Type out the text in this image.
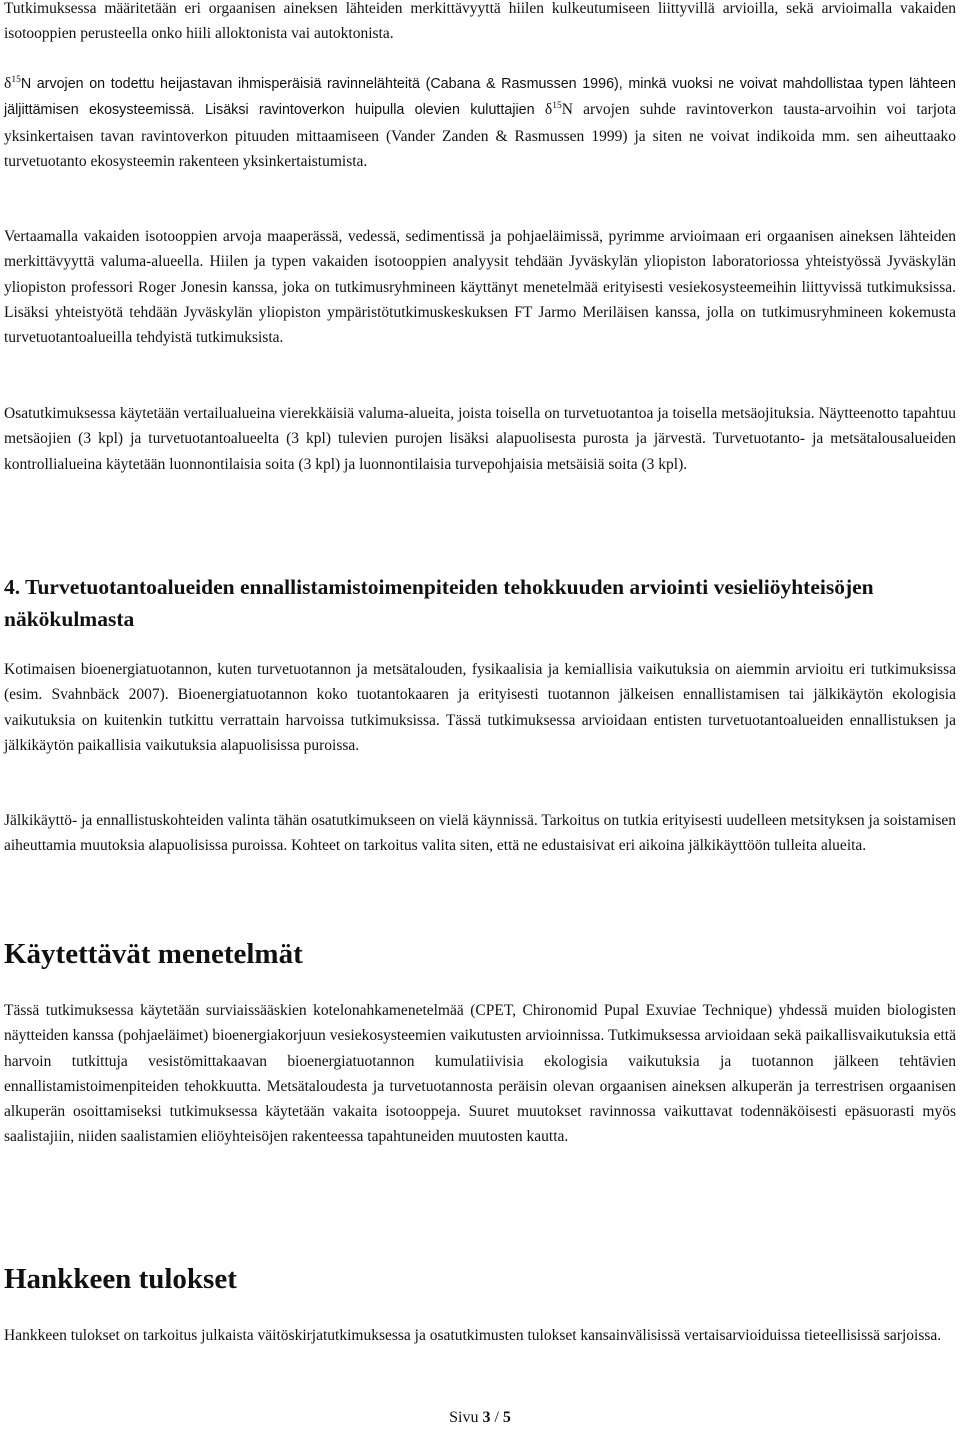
Tutkimuksessa määritetään eri orgaanisen aineksen lähteiden merkittävyyttä hiilen kulkeutumiseen liittyvillä arvioilla, sekä arvioimalla vakaiden isotooppien perusteella onko hiili alloktonista vai autoktonista.

$\delta^{15}N$ arvojen on todettu heijastavan ihmisperäisiä ravinnelähteitä (Cabana & Rasmussen 1996), minkä vuoksi ne voivat mahdollistaa typen lähteen jäljittämisen ekosysteemissä. Lisäksi ravintoverkon huipulla olevien kuluttajien $\delta^{15}N$ arvojen suhde ravintoverkon tausta-arvoihin voi tarjota yksinkertaisen tavan ravintoverkon pituuden mittaamiseen (Vander Zanden & Rasmussen 1999) ja siten ne voivat indikoida mm. sen aiheuttaako turvetuotanto ekosysteemin rakenteen yksinkertaistumista.

Vertaamalla vakaiden isotooppien arvoja maaperässä, vedessä, sedimentissä ja pohjaeläimissä, pyrimme arvioimaan eri orgaanisen aineksen lähteiden merkittävyyttä valuma-alueella. Hiilen ja typen vakaiden isotooppien analyysit tehdään Jyväskylän yliopiston laboratoriossa yhteistyössä Jyväskylän yliopiston professori Roger Jonesin kanssa, joka on tutkimusryhmineen käyttänyt menetelmää erityisesti vesiekosysteemeihin liittyvissä tutkimuksissa. Lisäksi yhteistyötä tehdään Jyväskylän yliopiston ympäristötutkimuskeskuksen FT Jarmo Meriläisen kanssa, jolla on tutkimusryhmineen kokemusta turvetuotantoalueilla tehdyistä tutkimuksista.

Osatutkimuksessa käytetään vertailualueina vierekkäisiä valuma-alueita, joista toisella on turvetuotantoa ja toisella metsäojituksia. Näytteenotto tapahtuu metsäojien (3 kpl) ja turvetuotantoalueelta (3 kpl) tulevien purojen lisäksi alapuolisesta purosta ja järvestä. Turvetuotanto- ja metsätalousalueiden kontrollialueina käytetään luonnontilaisia soita (3 kpl) ja luonnontilaisia turvepohjaisia metsäisiä soita (3 kpl).

4. Turvetuotantoalueiden ennallistamistoimenpiteiden tehokkuuden arviointi vesieliöyhteisöjen näkökulmasta

Kotimaisen bioenergiatuotannon, kuten turvetuotannon ja metsätalouden, fysikaalisia ja kemiallisia vaikutuksia on aiemmin arvioitu eri tutkimuksissa (esim. Svahnbäck 2007). Bioenergiatuotannon koko tuotantokaaren ja erityisesti tuotannon jälkeisen ennallistamisen tai jälkikäytön ekologisia vaikutuksia on kuitenkin tutkittu verrattain harvoissa tutkimuksissa. Tässä tutkimuksessa arvioidaan entisten turvetuotantoalueiden ennallistuksen ja jälkikäytön paikallisia vaikutuksia alapuolisissa puroissa.

Jälkikäyttö- ja ennallistuskohteiden valinta tähän osatutkimukseen on vielä käynnissä. Tarkoitus on tutkia erityisesti uudelleen metsityksen ja soistamisen aiheuttamia muutoksia alapuolisissa puroissa. Kohteet on tarkoitus valita siten, että ne edustaisivat eri aikoina jälkikäyttöön tulleita alueita.

Käytettävät menetelmät

Tässä tutkimuksessa käytetään surviaissääskien kotelonahkamenetelmää (CPET, Chironomid Pupal Exuviae Technique) yhdessä muiden biologisten näytteiden kanssa (pohjaeläimet) bioenergiakorjuun vesiekosysteemien vaikutusten arvioinnissa. Tutkimuksessa arvioidaan sekä paikallisvaikutuksia että harvoin tutkittuja vesistömittakaavan bioenergiatuotannon kumulatiivisia ekologisia vaikutuksia ja tuotannon jälkeen tehtävien ennallistamistoimenpiteiden tehokkuutta. Metsätaloudesta ja turvetuotannosta peräisin olevan orgaanisen aineksen alkuperän ja terrestrisen orgaanisen alkuperän osoittamiseksi tutkimuksessa käytetään vakaita isotooppeja. Suuret muutokset ravinnossa vaikuttavat todennäköisesti epäsuorasti myös saalistajiin, niiden saalistamien eliöyhteisöjen rakenteessa tapahtuneiden muutosten kautta.

Hankkeen tulokset

Hankkeen tulokset on tarkoitus julkaista väitöskirjatutkimuksessa ja osatutkimusten tulokset kansainvälisissä vertaisarvioiduissa tieteellisissä sarjoissa.

Sivu 3 / 5
